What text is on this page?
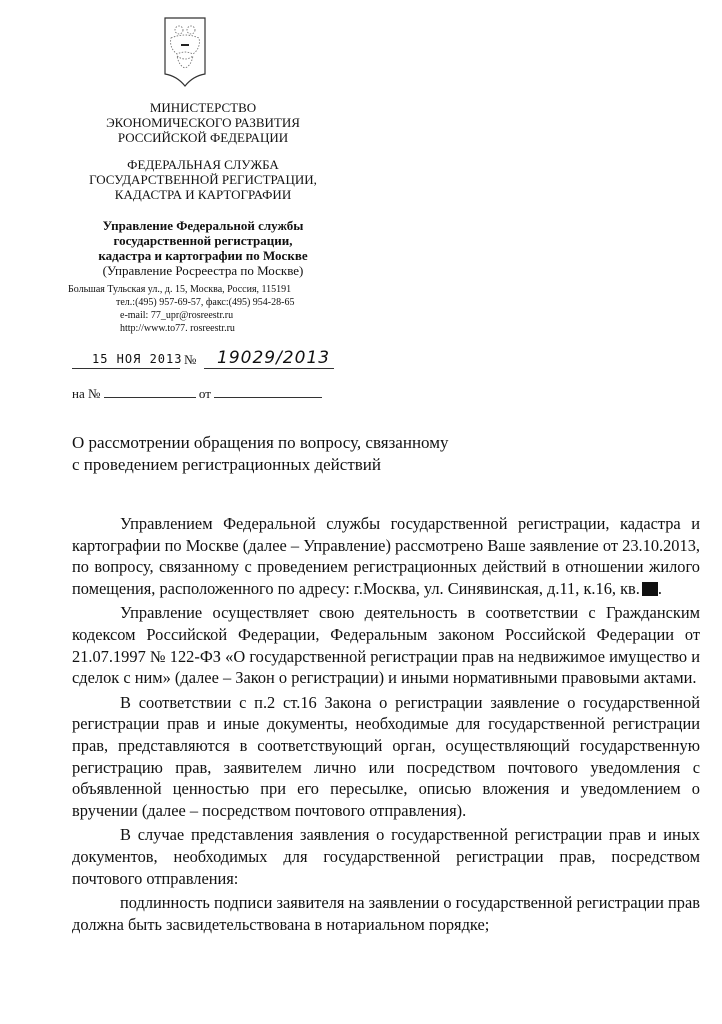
МИНИСТЕРСТВО
ЭКОНОМИЧЕСКОГО РАЗВИТИЯ
РОССИЙСКОЙ ФЕДЕРАЦИИ
ФЕДЕРАЛЬНАЯ СЛУЖБА
ГОСУДАРСТВЕННОЙ РЕГИСТРАЦИИ,
КАДАСТРА И КАРТОГРАФИИ
Управление Федеральной службы
государственной регистрации,
кадастра и картографии по Москве
(Управление Росреестра по Москве)
Большая Тульская ул., д. 15, Москва, Россия, 115191
тел.:(495) 957-69-57, факс:(495) 954-28-65
e-mail: 77_upr@rosreestr.ru
http://www.to77. rosreestr.ru
15 НОЯ 2013 № 19029/2013
на №	от
О рассмотрении обращения по вопросу, связанному
с проведением регистрационных действий

Управлением Федеральной службы государственной регистрации, кадастра и картографии по Москве (далее – Управление) рассмотрено Ваше заявление от 23.10.2013, по вопросу, связанному с проведением регистрационных действий в отношении жилого помещения, расположенного по адресу: г.Москва, ул. Синявинская, д.11, к.16, кв. .

Управление осуществляет свою деятельность в соответствии с Гражданским кодексом Российской Федерации, Федеральным законом Российской Федерации от 21.07.1997 № 122-ФЗ «О государственной регистрации прав на недвижимое имущество и сделок с ним» (далее – Закон о регистрации) и иными нормативными правовыми актами.

В соответствии с п.2 ст.16 Закона о регистрации заявление о государственной регистрации прав и иные документы, необходимые для государственной регистрации прав, представляются в соответствующий орган, осуществляющий государственную регистрацию прав, заявителем лично или посредством почтового уведомления с объявленной ценностью при его пересылке, описью вложения и уведомлением о вручении (далее – посредством почтового отправления).

В случае представления заявления о государственной регистрации прав и иных документов, необходимых для государственной регистрации прав, посредством почтового отправления:

подлинность подписи заявителя на заявлении о государственной регистрации прав должна быть засвидетельствована в нотариальном порядке;
